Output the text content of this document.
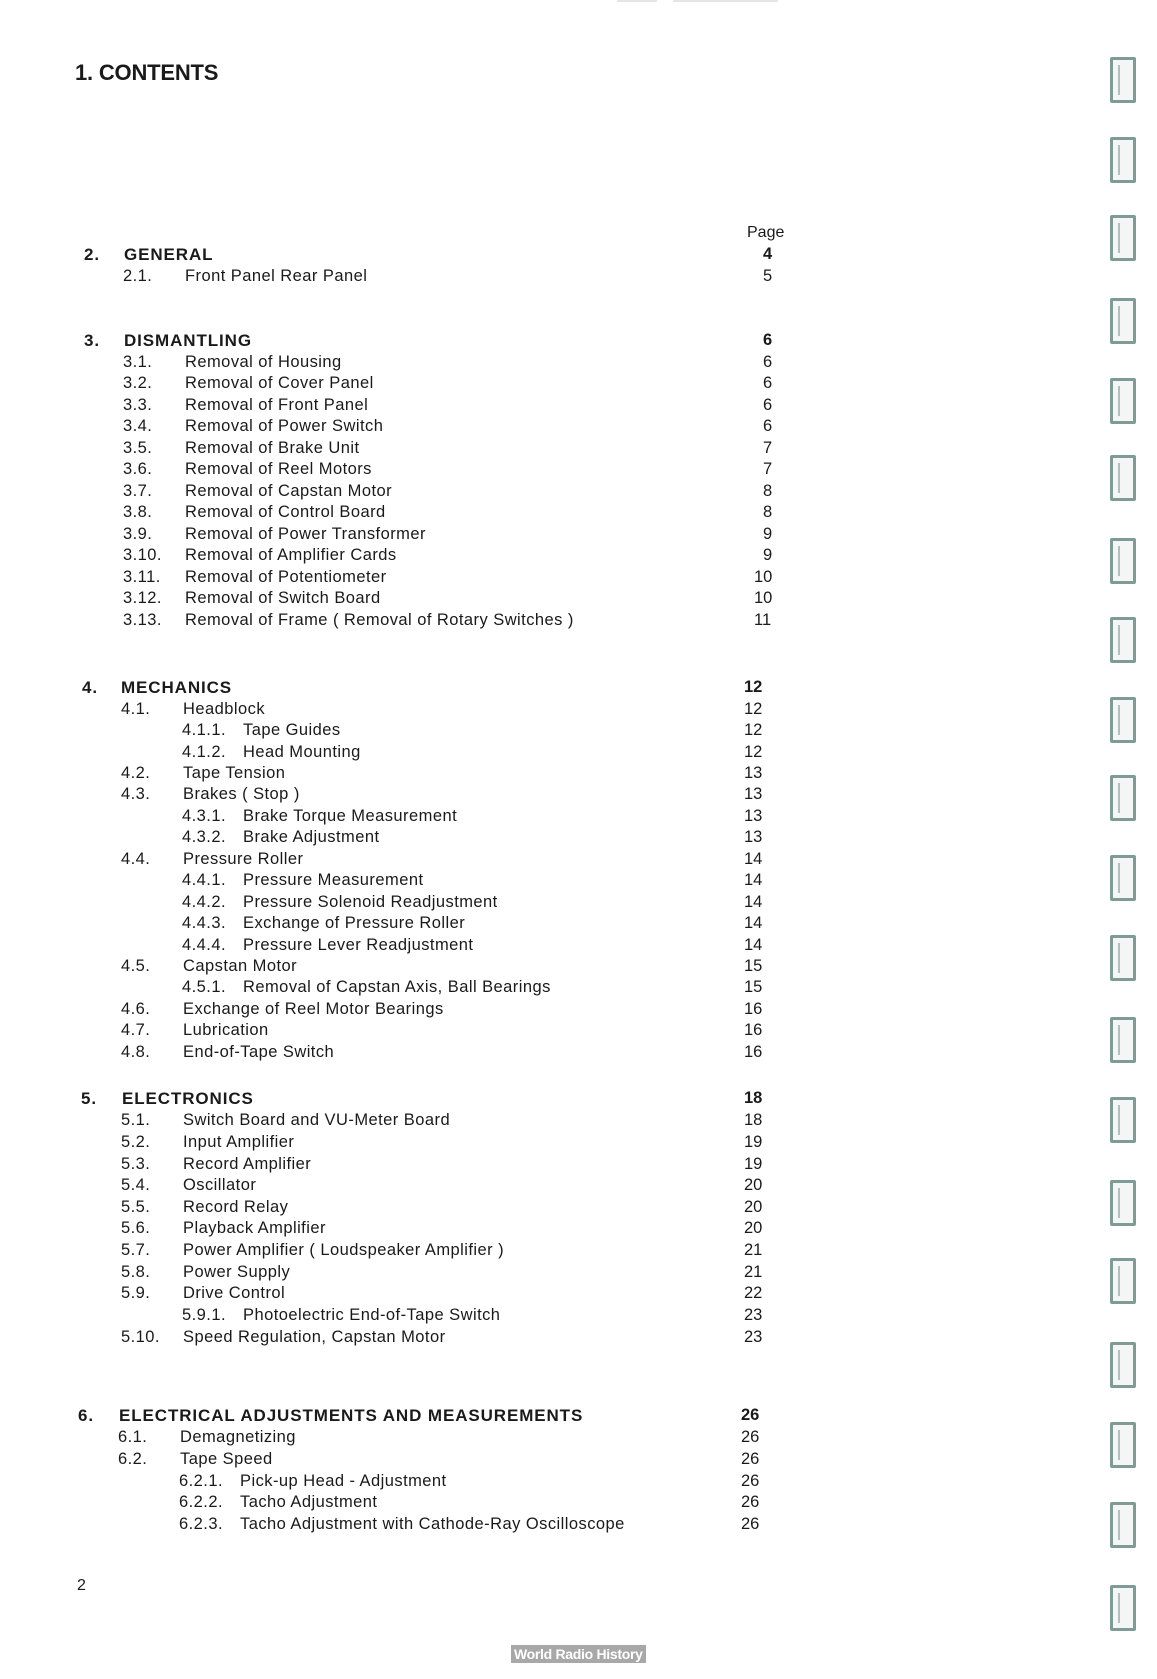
1. CONTENTS
Page
2. GENERAL	4
2.1. Front Panel Rear Panel	5
3. DISMANTLING	6
3.1. Removal of Housing	6
3.2. Removal of Cover Panel	6
3.3. Removal of Front Panel	6
3.4. Removal of Power Switch	6
3.5. Removal of Brake Unit	7
3.6. Removal of Reel Motors	7
3.7. Removal of Capstan Motor	8
3.8. Removal of Control Board	8
3.9. Removal of Power Transformer	9
3.10. Removal of Amplifier Cards	9
3.11. Removal of Potentiometer	10
3.12. Removal of Switch Board	10
3.13. Removal of Frame ( Removal of Rotary Switches )	11
4. MECHANICS	12
4.1. Headblock	12
4.1.1. Tape Guides	12
4.1.2. Head Mounting	12
4.2. Tape Tension	13
4.3. Brakes ( Stop )	13
4.3.1. Brake Torque Measurement	13
4.3.2. Brake Adjustment	13
4.4. Pressure Roller	14
4.4.1. Pressure Measurement	14
4.4.2. Pressure Solenoid Readjustment	14
4.4.3. Exchange of Pressure Roller	14
4.4.4. Pressure Lever Readjustment	14
4.5. Capstan Motor	15
4.5.1. Removal of Capstan Axis, Ball Bearings	15
4.6. Exchange of Reel Motor Bearings	16
4.7. Lubrication	16
4.8. End-of-Tape Switch	16
5. ELECTRONICS	18
5.1. Switch Board and VU-Meter Board	18
5.2. Input Amplifier	19
5.3. Record Amplifier	19
5.4. Oscillator	20
5.5. Record Relay	20
5.6. Playback Amplifier	20
5.7. Power Amplifier ( Loudspeaker Amplifier )	21
5.8. Power Supply	21
5.9. Drive Control	22
5.9.1. Photoelectric End-of-Tape Switch	23
5.10. Speed Regulation, Capstan Motor	23
6. ELECTRICAL ADJUSTMENTS AND MEASUREMENTS	26
6.1. Demagnetizing	26
6.2. Tape Speed	26
6.2.1. Pick-up Head - Adjustment	26
6.2.2. Tacho Adjustment	26
6.2.3. Tacho Adjustment with Cathode-Ray Oscilloscope	26
2
World Radio History
